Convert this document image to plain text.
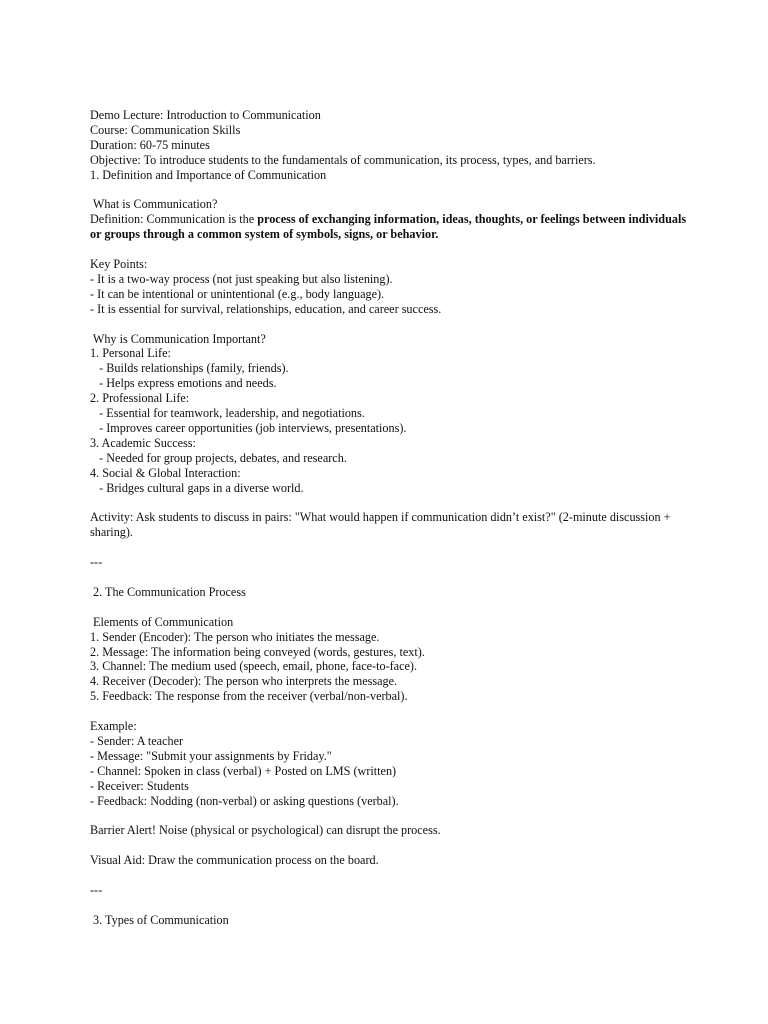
Demo Lecture: Introduction to Communication
Course: Communication Skills
Duration: 60-75 minutes
Objective: To introduce students to the fundamentals of communication, its process, types, and barriers.
1. Definition and Importance of Communication
What is Communication?
Definition: Communication is the process of exchanging information, ideas, thoughts, or feelings between individuals or groups through a common system of symbols, signs, or behavior.
Key Points:
- It is a two-way process (not just speaking but also listening).
- It can be intentional or unintentional (e.g., body language).
- It is essential for survival, relationships, education, and career success.
Why is Communication Important?
1. Personal Life:
- Builds relationships (family, friends).
- Helps express emotions and needs.
2. Professional Life:
- Essential for teamwork, leadership, and negotiations.
- Improves career opportunities (job interviews, presentations).
3. Academic Success:
- Needed for group projects, debates, and research.
4. Social & Global Interaction:
- Bridges cultural gaps in a diverse world.
Activity: Ask students to discuss in pairs: "What would happen if communication didn’t exist?" (2-minute discussion + sharing).
---
2. The Communication Process
Elements of Communication
1. Sender (Encoder): The person who initiates the message.
2. Message: The information being conveyed (words, gestures, text).
3. Channel: The medium used (speech, email, phone, face-to-face).
4. Receiver (Decoder): The person who interprets the message.
5. Feedback: The response from the receiver (verbal/non-verbal).
Example:
- Sender: A teacher
- Message: "Submit your assignments by Friday."
- Channel: Spoken in class (verbal) + Posted on LMS (written)
- Receiver: Students
- Feedback: Nodding (non-verbal) or asking questions (verbal).
Barrier Alert! Noise (physical or psychological) can disrupt the process.
Visual Aid: Draw the communication process on the board.
---
3. Types of Communication
